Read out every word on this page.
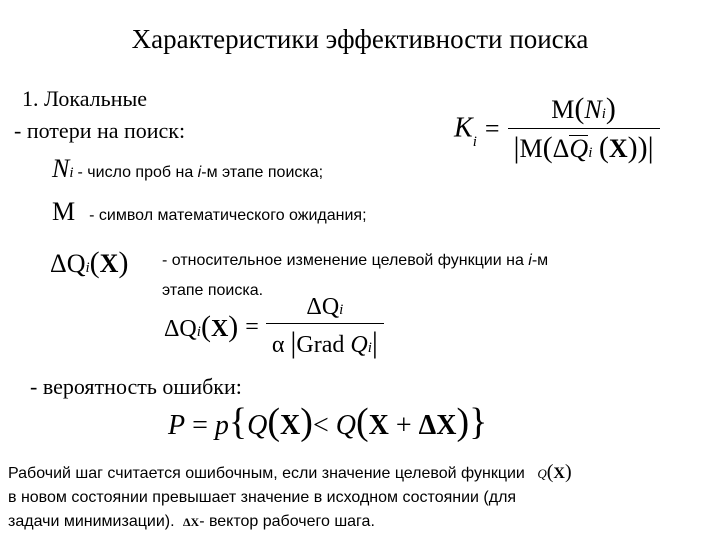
Характеристики эффективности поиска
1. Локальные
- потери на поиск:	$Ki = \frac{M(Ni)}{\text{|M(ΔQi (X))|}}$
Ni - число проб на i-м этапе поиска;
M - символ математического ожидания;
ΔQi(X) - относительное изменение целевой функции на i-м
этапе поиска.
$\Delta Qi(X) = \frac{\text{ΔQi}}{\text{α |Grad Qi|}}$
- вероятность ошибки:
P = p{Q(X)< Q(X + ΔX)}
Рабочий шаг считается ошибочным, если значение целевой функции Q(X)
в новом состоянии превышает значение в исходном состоянии (для
задачи минимизации). ΔX- вектор рабочего шага.
